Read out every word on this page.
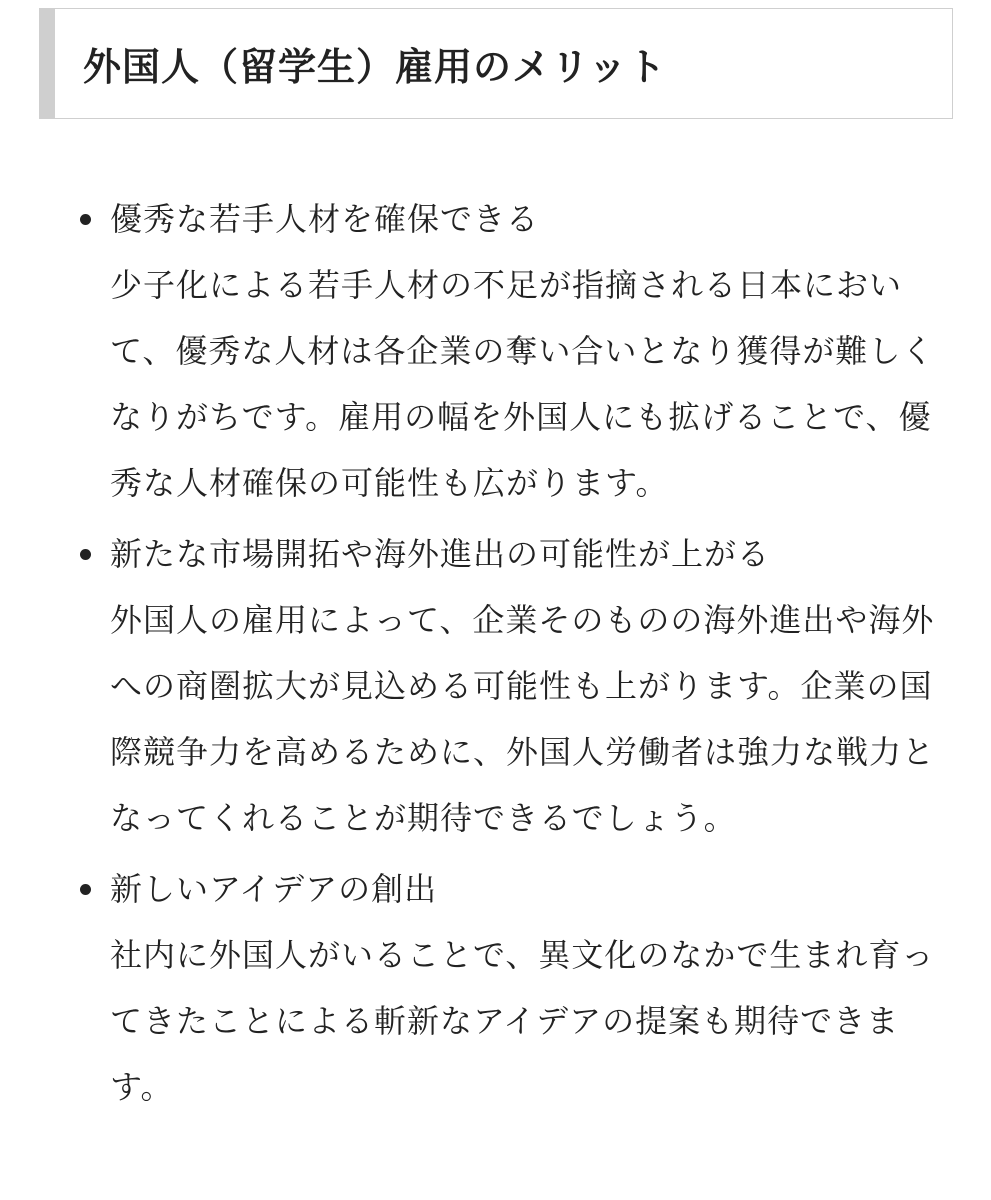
外国人（留学生）雇用のメリット
優秀な若手人材を確保できる
少子化による若手人材の不足が指摘される日本において、優秀な人材は各企業の奪い合いとなり獲得が難しくなりがちです。雇用の幅を外国人にも拡げることで、優秀な人材確保の可能性も広がります。
新たな市場開拓や海外進出の可能性が上がる
外国人の雇用によって、企業そのものの海外進出や海外への商圏拡大が見込める可能性も上がります。企業の国際競争力を高めるために、外国人労働者は強力な戦力となってくれることが期待できるでしょう。
新しいアイデアの創出
社内に外国人がいることで、異文化のなかで生まれ育ってきたことによる斬新なアイデアの提案も期待できます。
